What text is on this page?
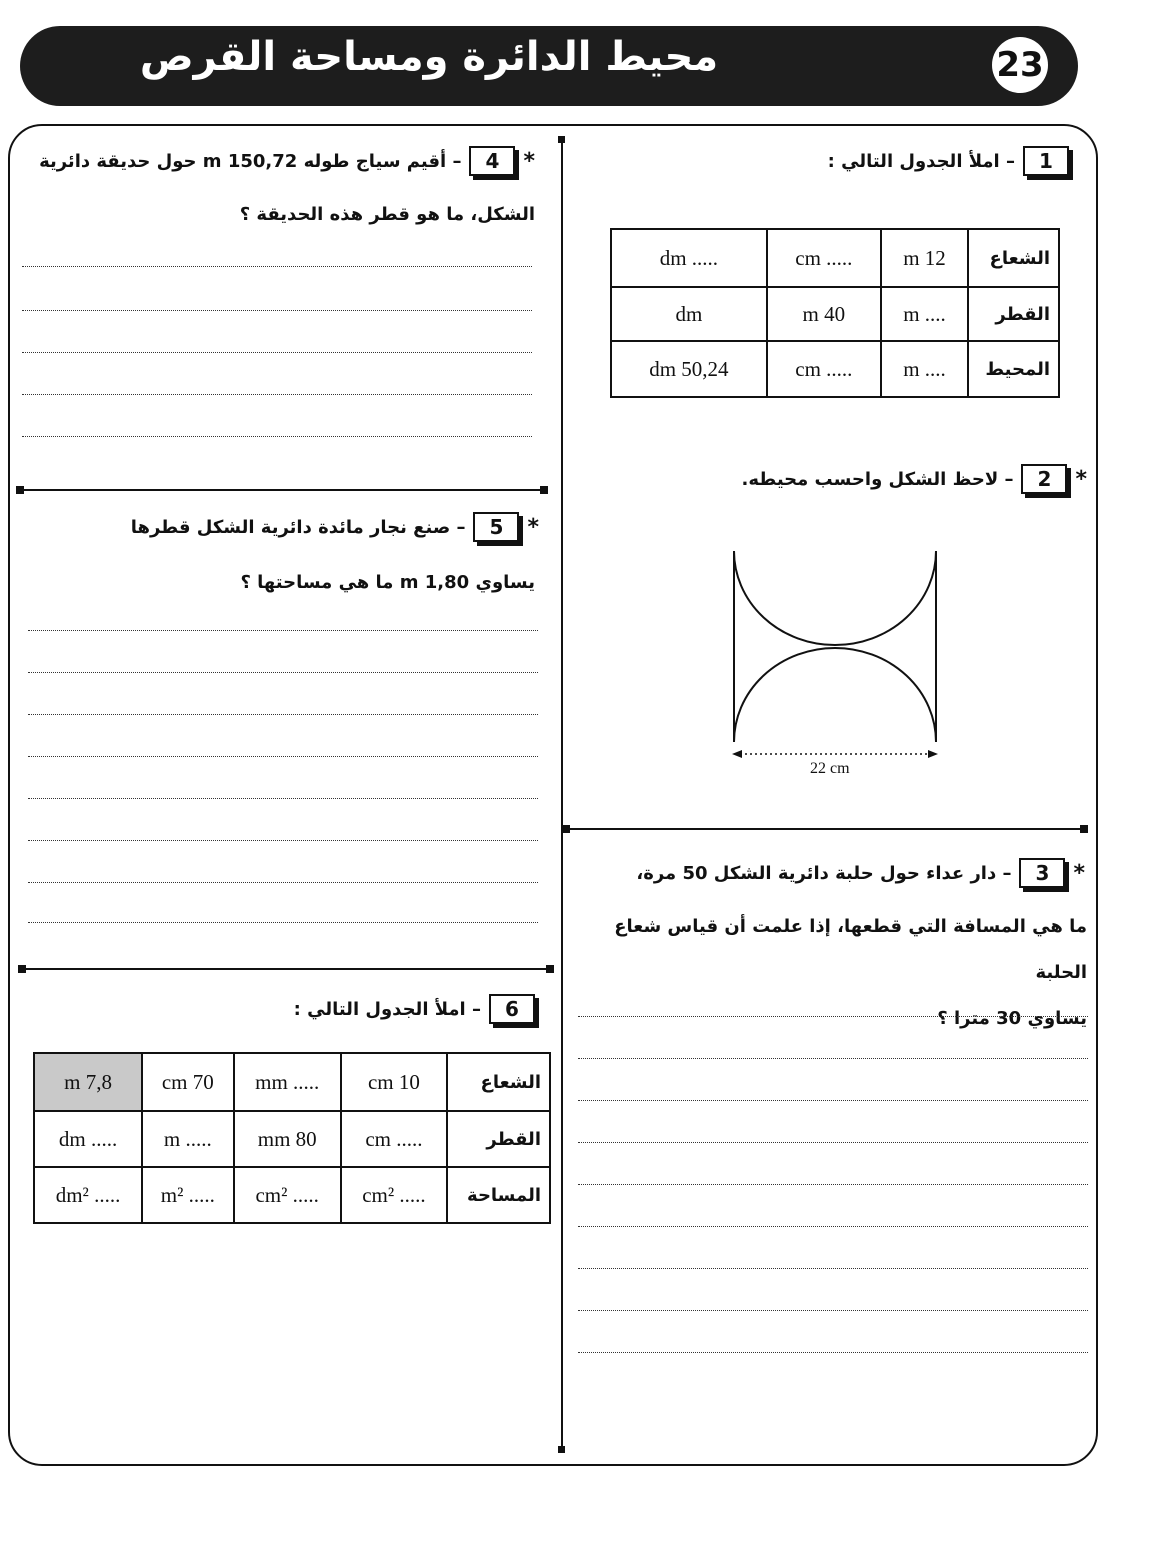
محيط الدائرة ومساحة القرص	23
1
– املأ الجدول التالي :
الشعاع	12 m	..... cm	..... dm
القطر	.... m	40 m	dm
المحيط	.... m	..... cm	50,24 dm
*
2
– لاحظ الشكل واحسب محيطه.
22 cm
*
3
– دار عداء حول حلبة دائرية الشكل 50 مرة،
ما هي المسافة التي قطعها، إذا علمت أن قياس شعاع الحلبة
يساوي 30 مترا ؟
*
4
– أقيم سياج طوله 150,72 m حول حديقة دائرية
الشكل، ما هو قطر هذه الحديقة ؟
*
5
– صنع نجار مائدة دائرية الشكل قطرها
يساوي 1,80 m ما هي مساحتها ؟
6
– املأ الجدول التالي :
الشعاع	10 cm	..... mm	70 cm	7,8 m
القطر	..... cm	80 mm	..... m	..... dm
المساحة	..... cm²	..... cm²	..... m²	..... dm²
